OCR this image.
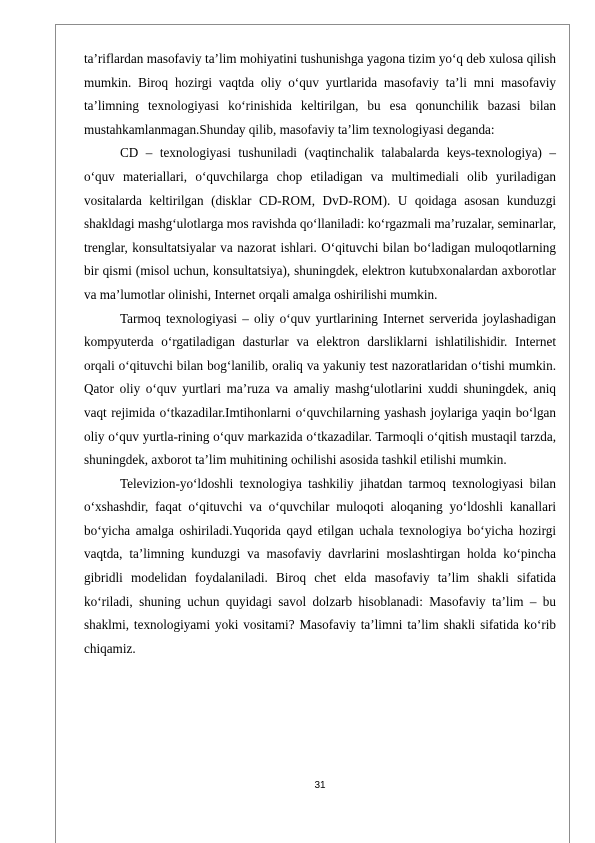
ta’riflardan masofaviy ta’lim mohiyatini tushunishga yagona tizim yo‘q deb xulosa qilish mumkin. Biroq hozirgi vaqtda oliy o‘quv yurtlarida masofaviy ta’li mni masofaviy ta’limning texnologiyasi ko‘rinishida keltirilgan, bu esa qonunchilik bazasi bilan mustahkamlanmagan.Shunday qilib, masofaviy ta’lim texnologiyasi deganda:

CD – texnologiyasi tushuniladi (vaqtinchalik talabalarda keys-texnologiya) – o‘quv materiallari, o‘quvchilarga chop etiladigan va multimediali olib yuriladigan vositalarda keltirilgan (disklar CD-ROM, DvD-ROM). U qoidaga asosan kunduzgi shakldagi mashg‘ulotlarga mos ravishda qo‘llaniladi: ko‘rgazmali ma’ruzalar, seminarlar, trenglar, konsultatsiyalar va nazorat ishlari. O‘qituvchi bilan bo‘ladigan muloqotlarning bir qismi (misol uchun, konsultatsiya), shuningdek, elektron kutubxonalardan axborotlar va ma’lumotlar olinishi, Internet orqali amalga oshirilishi mumkin.

Tarmoq texnologiyasi – oliy o‘quv yurtlarining Internet serverida joylashadigan kompyuterda o‘rgatiladigan dasturlar va elektron darsliklarni ishlatilishidir. Internet orqali o‘qituvchi bilan bog‘lanilib, oraliq va yakuniy test nazoratlaridan o‘tishi mumkin. Qator oliy o‘quv yurtlari ma’ruza va amaliy mashg‘ulotlarini xuddi shuningdek, aniq vaqt rejimida o‘tkazadilar.Imtihonlarni o‘quvchilarning yashash joylariga yaqin bo‘lgan oliy o‘quv yurtla-rining o‘quv markazida o‘tkazadilar. Tarmoqli o‘qitish mustaqil tarzda, shuningdek, axborot ta’lim muhitining ochilishi asosida tashkil etilishi mumkin.

Televizion-yo‘ldoshli texnologiya tashkiliy jihatdan tarmoq texnologiyasi bilan o‘xshashdir, faqat o‘qituvchi va o‘quvchilar muloqoti aloqaning yo‘ldoshli kanallari bo‘yicha amalga oshiriladi.Yuqorida qayd etilgan uchala texnologiya bo‘yicha hozirgi vaqtda, ta’limning kunduzgi va masofaviy davrlarini moslashtirgan holda ko‘pincha gibridli modelidan foydalaniladi. Biroq chet elda masofaviy ta’lim shakli sifatida ko‘riladi, shuning uchun quyidagi savol dolzarb hisoblanadi: Masofaviy ta’lim – bu shaklmi, texnologiyami yoki vositami? Masofaviy ta’limni ta’lim shakli sifatida ko‘rib chiqamiz.

31
